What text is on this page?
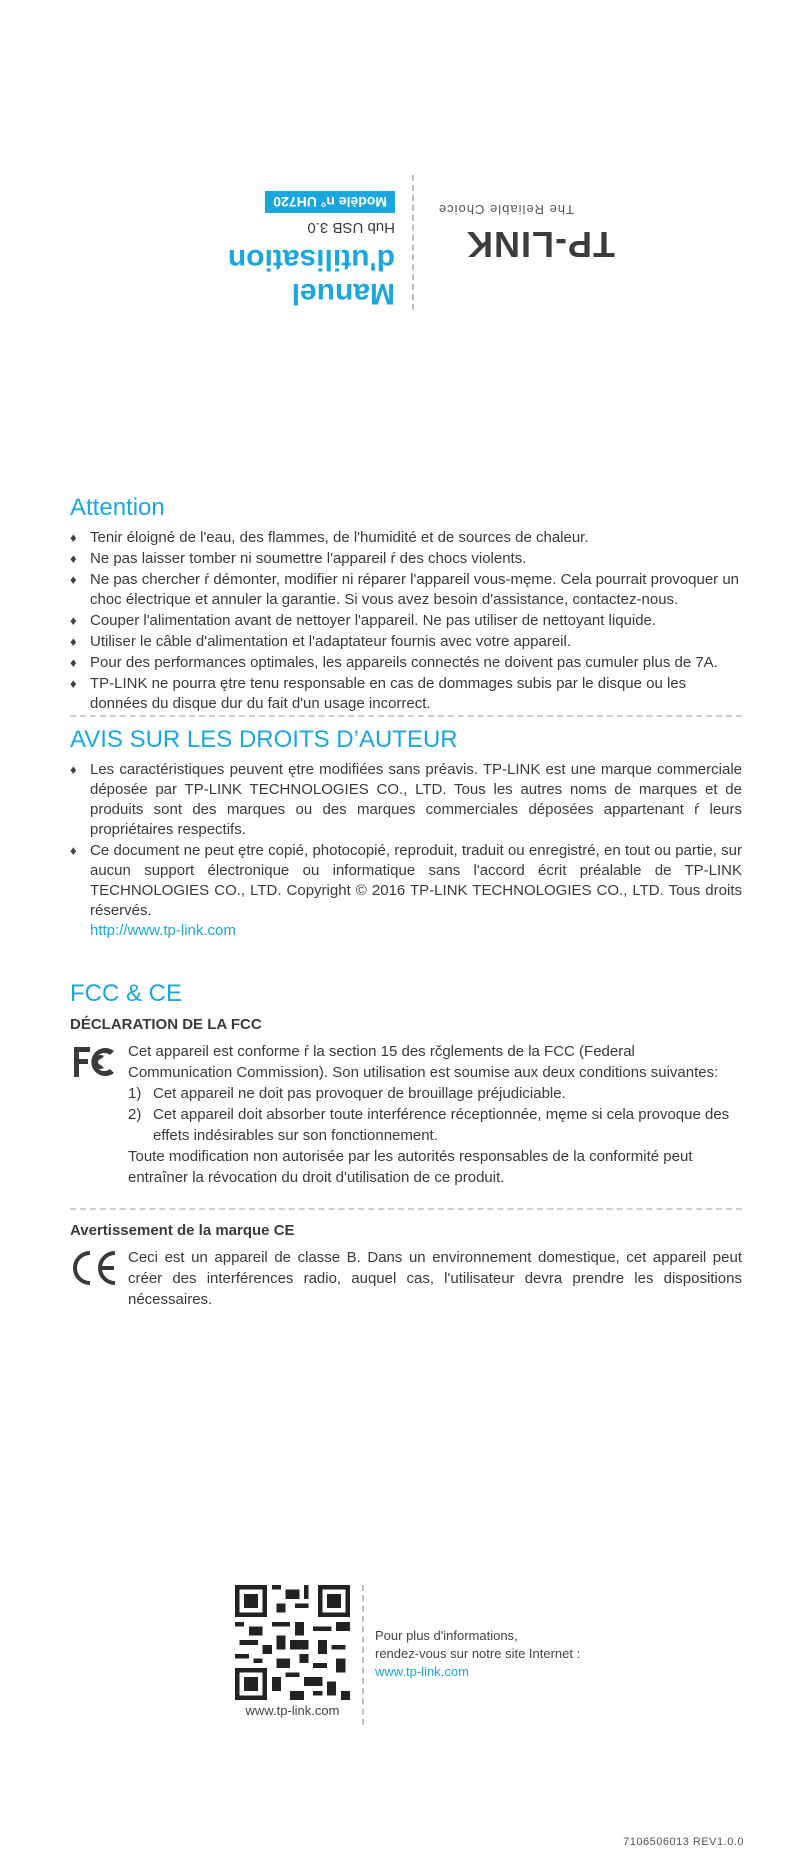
TP-LINK
The Reliable Choice
Manuel
d'utilisation
Hub USB 3.0
Modèle n° UH720
Attention
♦ Tenir éloigné de l'eau, des flammes, de l'humidité et de sources de chaleur.
♦ Ne pas laisser tomber ni soumettre l'appareil ŕ des chocs violents.
♦ Ne pas chercher ŕ démonter, modifier ni réparer l'appareil vous-męme. Cela pourrait provoquer un choc électrique et annuler la garantie. Si vous avez besoin d'assistance, contactez-nous.
♦ Couper l'alimentation avant de nettoyer l'appareil. Ne pas utiliser de nettoyant liquide.
♦ Utiliser le câble d'alimentation et l'adaptateur fournis avec votre appareil.
♦ Pour des performances optimales, les appareils connectés ne doivent pas cumuler plus de 7A.
♦ TP-LINK ne pourra ętre tenu responsable en cas de dommages subis par le disque ou les données du disque dur du fait d'un usage incorrect.
AVIS SUR LES DROITS D’AUTEUR
♦ Les caractéristiques peuvent ętre modifiées sans préavis. TP-LINK est une marque commerciale déposée par TP-LINK TECHNOLOGIES CO., LTD. Tous les autres noms de marques et de produits sont des marques ou des marques commerciales déposées appartenant ŕ leurs propriétaires respectifs.
♦ Ce document ne peut ętre copié, photocopié, reproduit, traduit ou enregistré, en tout ou partie, sur aucun support électronique ou informatique sans l'accord écrit préalable de TP-LINK TECHNOLOGIES CO., LTD. Copyright © 2016 TP-LINK TECHNOLOGIES CO., LTD. Tous droits réservés.
http://www.tp-link.com
FCC & CE
DÉCLARATION DE LA FCC
Cet appareil est conforme ŕ la section 15 des rčglements de la FCC (Federal Communication Commission). Son utilisation est soumise aux deux conditions suivantes:
1) Cet appareil ne doit pas provoquer de brouillage préjudiciable.
2) Cet appareil doit absorber toute interférence réceptionnée, męme si cela provoque des effets indésirables sur son fonctionnement.
Toute modification non autorisée par les autorités responsables de la conformité peut entraîner la révocation du droit d'utilisation de ce produit.
Avertissement de la marque CE
Ceci est un appareil de classe B. Dans un environnement domestique, cet appareil peut créer des interférences radio, auquel cas, l'utilisateur devra prendre les dispositions nécessaires.
www.tp-link.com
Pour plus d'informations,
rendez-vous sur notre site Internet :
www.tp-link.com
7106506013 REV1.0.0
